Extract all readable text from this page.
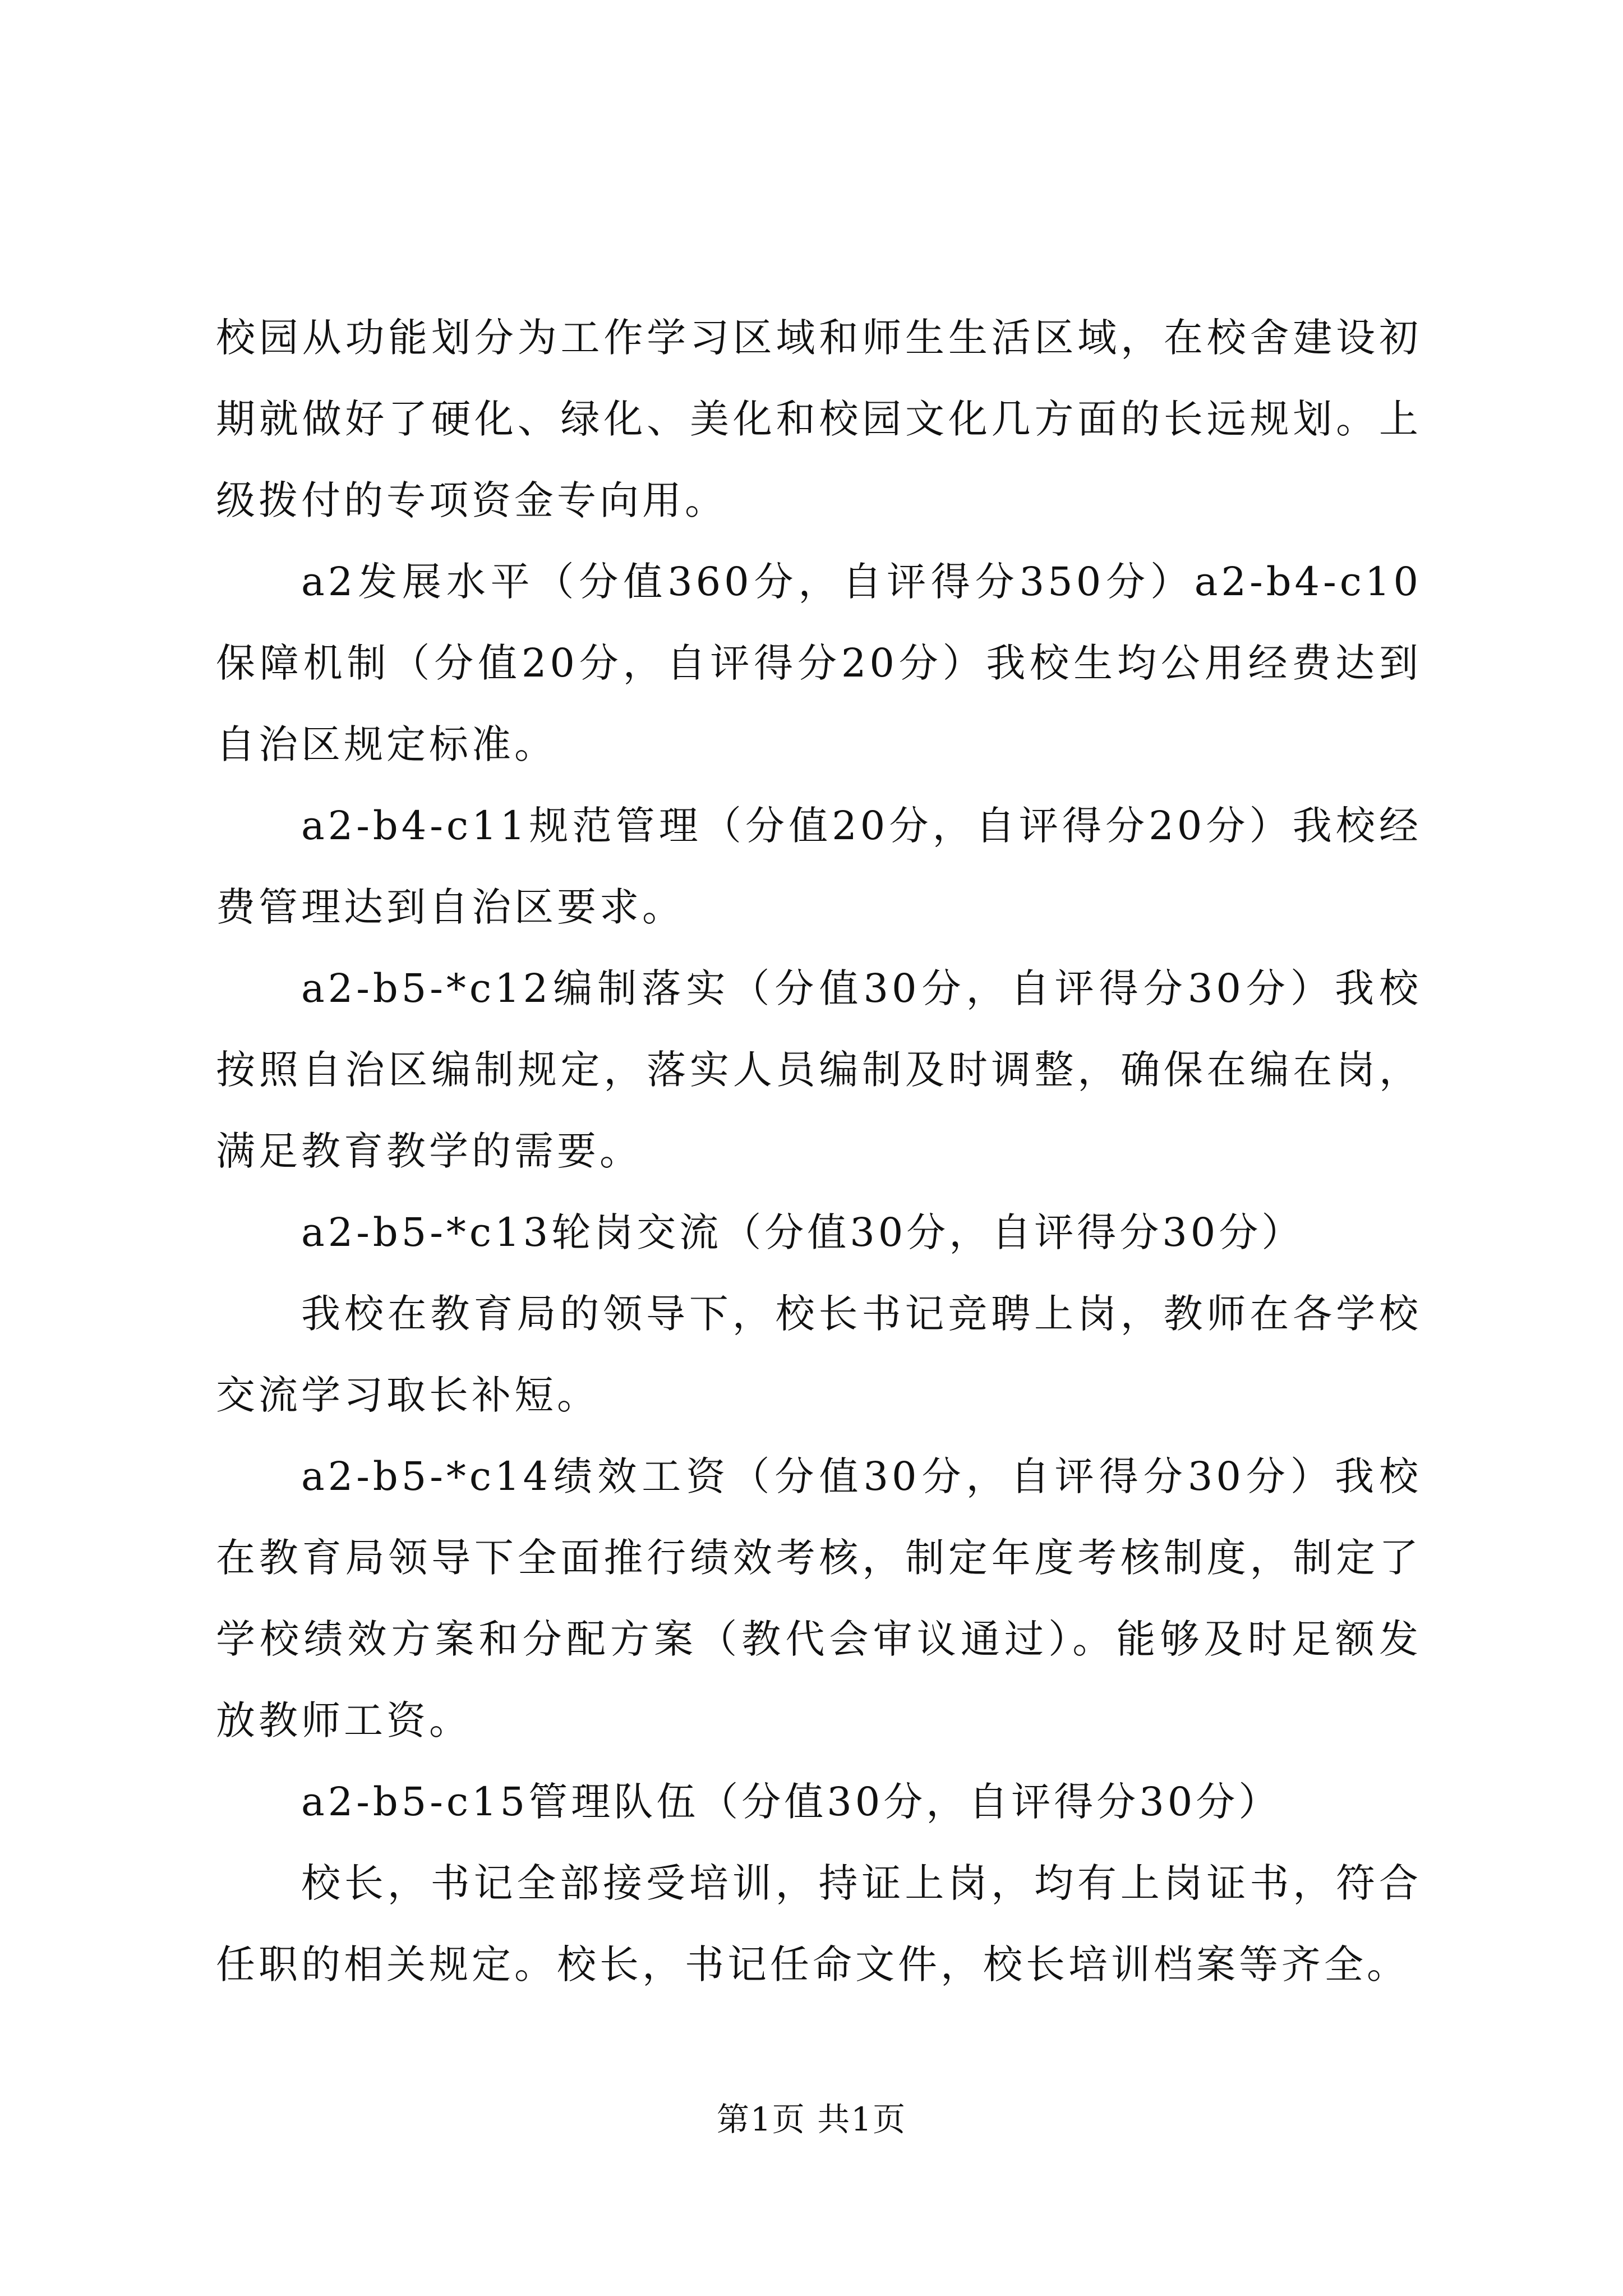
校园从功能划分为工作学习区域和师生生活区域，在校舍建设初期就做好了硬化、绿化、美化和校园文化几方面的长远规划。上级拨付的专项资金专向用。

a2发展水平（分值360分，自评得分350分）a2-b4-c10保障机制（分值20分，自评得分20分）我校生均公用经费达到自治区规定标准。

a2-b4-c11规范管理（分值20分，自评得分20分）我校经费管理达到自治区要求。

a2-b5-*c12编制落实（分值30分，自评得分30分）我校按照自治区编制规定，落实人员编制及时调整，确保在编在岗，满足教育教学的需要。

a2-b5-*c13轮岗交流（分值30分，自评得分30分）

我校在教育局的领导下，校长书记竞聘上岗，教师在各学校交流学习取长补短。

a2-b5-*c14绩效工资（分值30分，自评得分30分）我校在教育局领导下全面推行绩效考核，制定年度考核制度，制定了学校绩效方案和分配方案（教代会审议通过）。能够及时足额发放教师工资。

a2-b5-c15管理队伍（分值30分，自评得分30分）

校长，书记全部接受培训，持证上岗，均有上岗证书，符合任职的相关规定。校长，书记任命文件，校长培训档案等齐全。

第1页 共1页
